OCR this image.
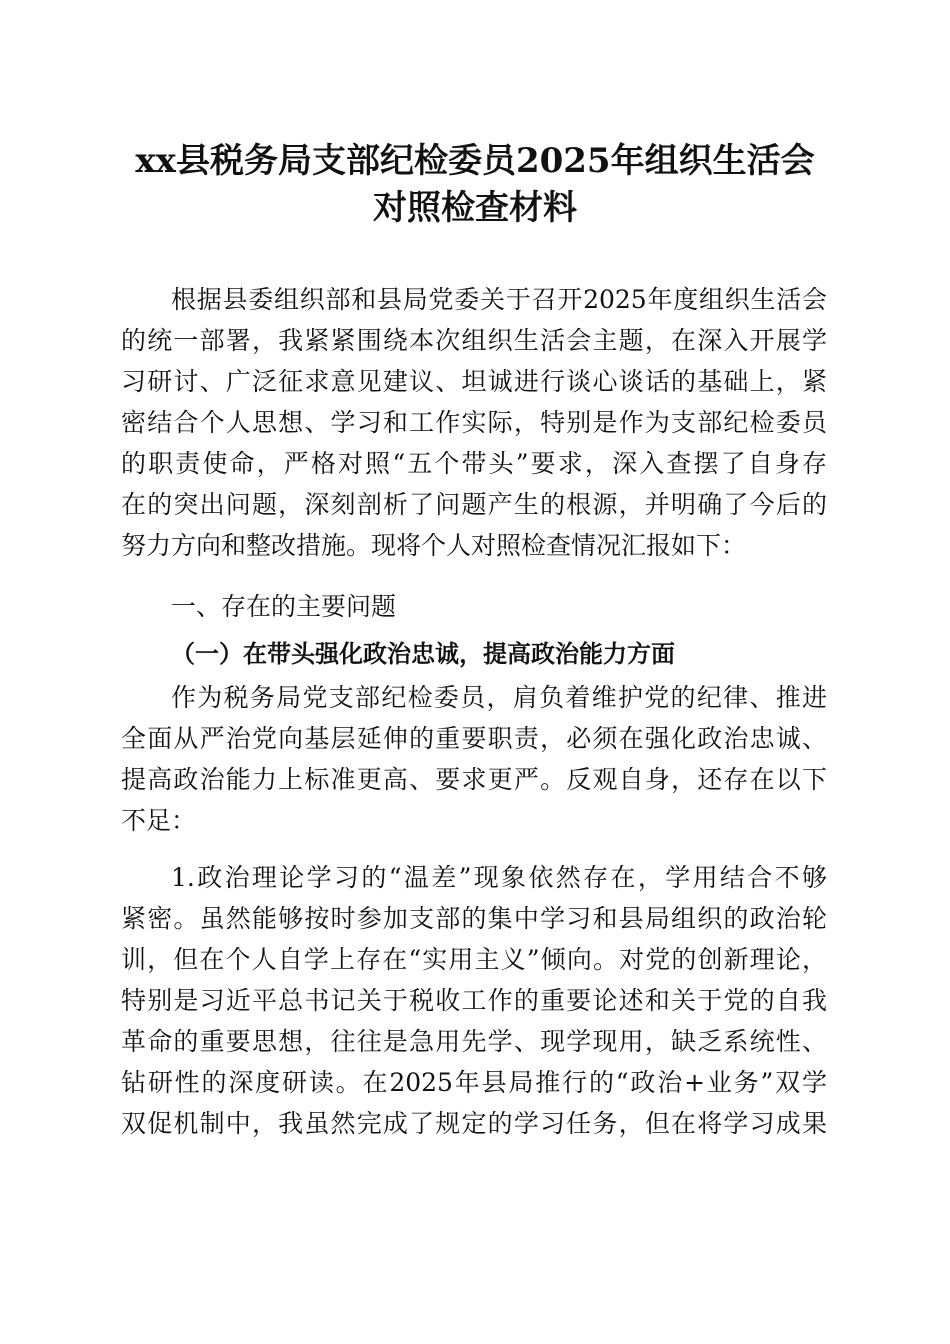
xx县税务局支部纪检委员2025年组织生活会
对照检查材料
根据县委组织部和县局党委关于召开2025年度组织生活会
的统一部署，我紧紧围绕本次组织生活会主题，在深入开展学
习研讨、广泛征求意见建议、坦诚进行谈心谈话的基础上，紧
密结合个人思想、学习和工作实际，特别是作为支部纪检委员
的职责使命，严格对照“五个带头”要求，深入查摆了自身存
在的突出问题，深刻剖析了问题产生的根源，并明确了今后的
努力方向和整改措施。现将个人对照检查情况汇报如下：
一、存在的主要问题
（一）在带头强化政治忠诚，提高政治能力方面
作为税务局党支部纪检委员，肩负着维护党的纪律、推进
全面从严治党向基层延伸的重要职责，必须在强化政治忠诚、
提高政治能力上标准更高、要求更严。反观自身，还存在以下
不足：
1.政治理论学习的“温差”现象依然存在，学用结合不够
紧密。虽然能够按时参加支部的集中学习和县局组织的政治轮
训，但在个人自学上存在“实用主义”倾向。对党的创新理论，
特别是习近平总书记关于税收工作的重要论述和关于党的自我
革命的重要思想，往往是急用先学、现学现用，缺乏系统性、
钻研性的深度研读。在2025年县局推行的“政治+业务”双学
双促机制中，我虽然完成了规定的学习任务，但在将学习成果
